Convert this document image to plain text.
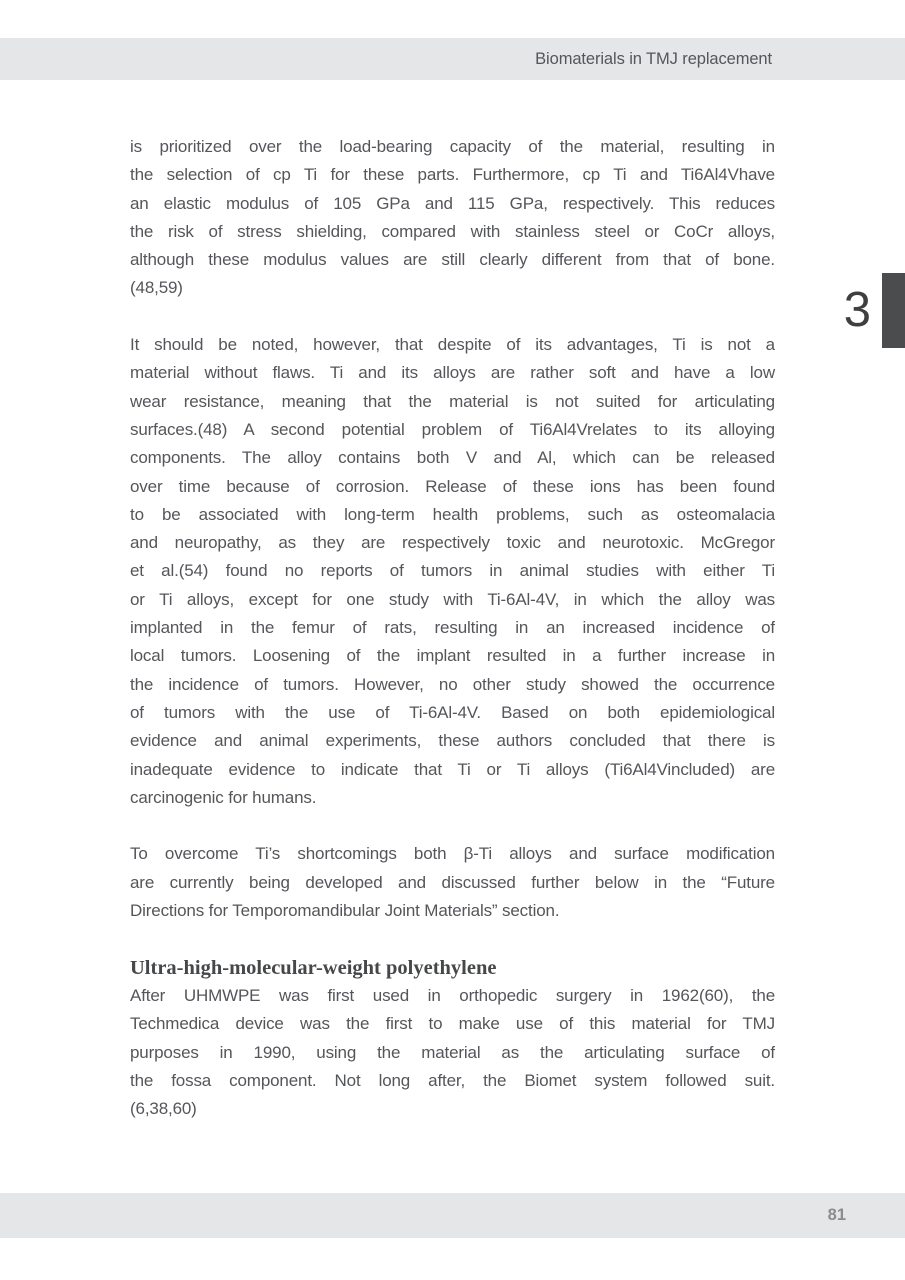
Biomaterials in TMJ replacement
3

is prioritized over the load-bearing capacity of the material, resulting in
the selection of cp Ti for these parts. Furthermore, cp Ti and Ti6Al4Vhave
an elastic modulus of 105 GPa and 115 GPa, respectively. This reduces
the risk of stress shielding, compared with stainless steel or CoCr alloys,
although these modulus values are still clearly different from that of bone.
(48,59)

It should be noted, however, that despite of its advantages, Ti is not a
material without flaws. Ti and its alloys are rather soft and have a low
wear resistance, meaning that the material is not suited for articulating
surfaces.(48) A second potential problem of Ti6Al4Vrelates to its alloying
components. The alloy contains both V and Al, which can be released
over time because of corrosion. Release of these ions has been found
to be associated with long-term health problems, such as osteomalacia
and neuropathy, as they are respectively toxic and neurotoxic. McGregor
et al.(54) found no reports of tumors in animal studies with either Ti
or Ti alloys, except for one study with Ti-6Al-4V, in which the alloy was
implanted in the femur of rats, resulting in an increased incidence of
local tumors. Loosening of the implant resulted in a further increase in
the incidence of tumors. However, no other study showed the occurrence
of tumors with the use of Ti-6Al-4V. Based on both epidemiological
evidence and animal experiments, these authors concluded that there is
inadequate evidence to indicate that Ti or Ti alloys (Ti6Al4Vincluded) are
carcinogenic for humans.

To overcome Ti’s shortcomings both β-Ti alloys and surface modification
are currently being developed and discussed further below in the “Future
Directions for Temporomandibular Joint Materials” section.

Ultra-high-molecular-weight polyethylene

After UHMWPE was first used in orthopedic surgery in 1962(60), the
Techmedica device was the first to make use of this material for TMJ
purposes in 1990, using the material as the articulating surface of
the fossa component. Not long after, the Biomet system followed suit.
(6,38,60)

81
